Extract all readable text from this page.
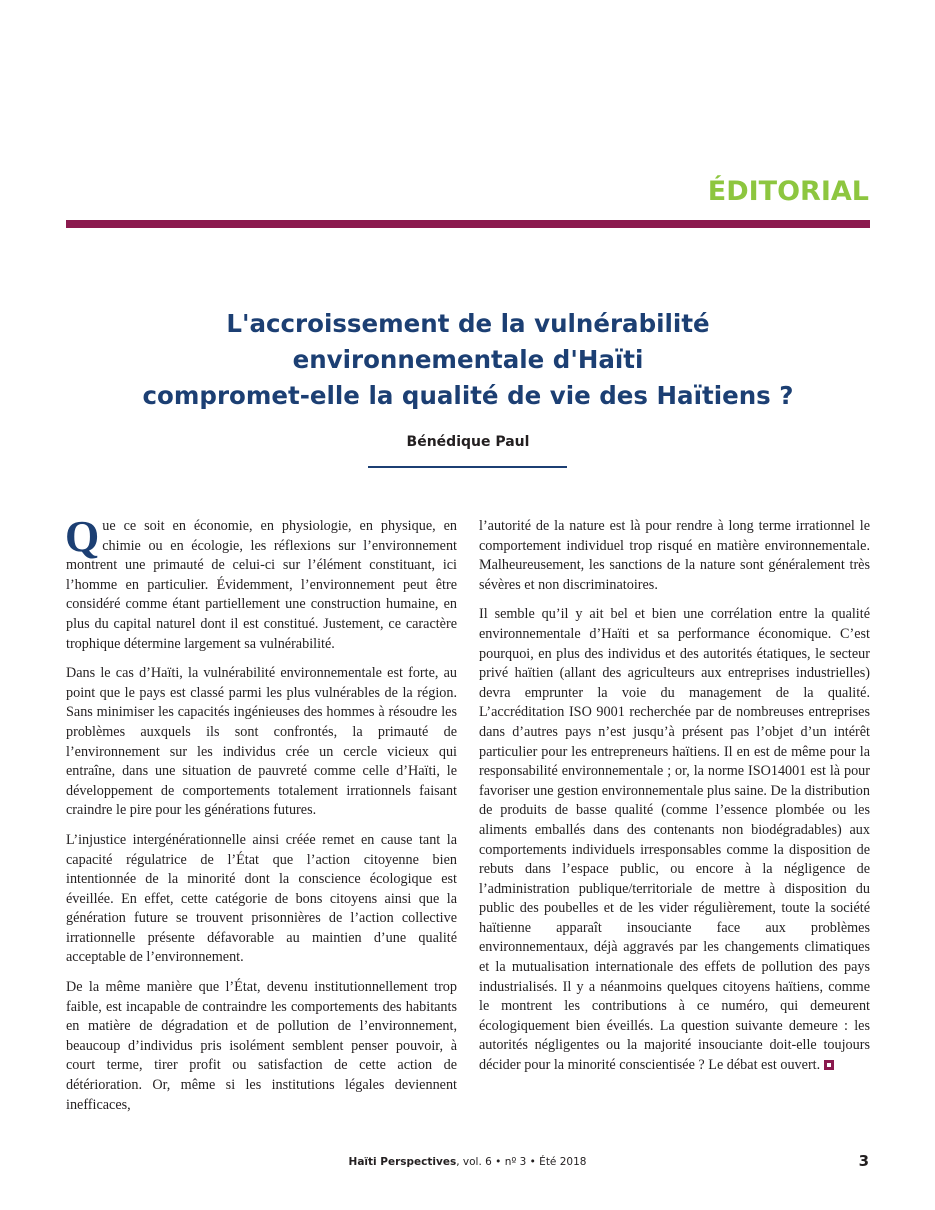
ÉDITORIAL
L'accroissement de la vulnérabilité
environnementale d'Haïti
compromet-elle la qualité de vie des Haïtiens ?
Bénédique Paul

Que ce soit en économie, en physiologie, en physique, en chimie ou en écologie, les réflexions sur l’environnement montrent une primauté de celui-ci sur l’élément constituant, ici l’homme en particulier. Évidemment, l’environnement peut être considéré comme étant partiellement une construction humaine, en plus du capital naturel dont il est constitué. Justement, ce caractère trophique détermine largement sa vulnérabilité.

Dans le cas d’Haïti, la vulnérabilité environnementale est forte, au point que le pays est classé parmi les plus vulnérables de la région. Sans minimiser les capacités ingénieuses des hommes à résoudre les problèmes auxquels ils sont confrontés, la primauté de l’environnement sur les individus crée un cercle vicieux qui entraîne, dans une situation de pauvreté comme celle d’Haïti, le développement de comportements totalement irrationnels faisant craindre le pire pour les générations futures.

L’injustice intergénérationnelle ainsi créée remet en cause tant la capacité régulatrice de l’État que l’action citoyenne bien intentionnée de la minorité dont la conscience écologique est éveillée. En effet, cette catégorie de bons citoyens ainsi que la génération future se trouvent prisonnières de l’action collective irrationnelle présente défavorable au maintien d’une qualité acceptable de l’environnement.

De la même manière que l’État, devenu institutionnellement trop faible, est incapable de contraindre les comportements des habitants en matière de dégradation et de pollution de l’environnement, beaucoup d’individus pris isolément semblent penser pouvoir, à court terme, tirer profit ou satisfaction de cette action de détérioration. Or, même si les institutions légales deviennent inefficaces,

l’autorité de la nature est là pour rendre à long terme irrationnel le comportement individuel trop risqué en matière environnementale. Malheureusement, les sanctions de la nature sont généralement très sévères et non discriminatoires.

Il semble qu’il y ait bel et bien une corrélation entre la qualité environnementale d’Haïti et sa performance économique. C’est pourquoi, en plus des individus et des autorités étatiques, le secteur privé haïtien (allant des agriculteurs aux entreprises industrielles) devra emprunter la voie du management de la qualité. L’accréditation ISO 9001 recherchée par de nombreuses entreprises dans d’autres pays n’est jusqu’à présent pas l’objet d’un intérêt particulier pour les entrepreneurs haïtiens. Il en est de même pour la responsabilité environnementale ; or, la norme ISO14001 est là pour favoriser une gestion environnementale plus saine. De la distribution de produits de basse qualité (comme l’essence plombée ou les aliments emballés dans des contenants non biodégradables) aux comportements individuels irresponsables comme la disposition de rebuts dans l’espace public, ou encore à la négligence de l’administration publique/territoriale de mettre à disposition du public des poubelles et de les vider régulièrement, toute la société haïtienne apparaît insouciante face aux problèmes environnementaux, déjà aggravés par les changements climatiques et la mutualisation internationale des effets de pollution des pays industrialisés. Il y a néanmoins quelques citoyens haïtiens, comme le montrent les contributions à ce numéro, qui demeurent écologiquement bien éveillés. La question suivante demeure : les autorités négligentes ou la majorité insouciante doit-elle toujours décider pour la minorité conscientisée ? Le débat est ouvert.

Haïti Perspectives, vol. 6 • nº 3 • Été 2018	3
